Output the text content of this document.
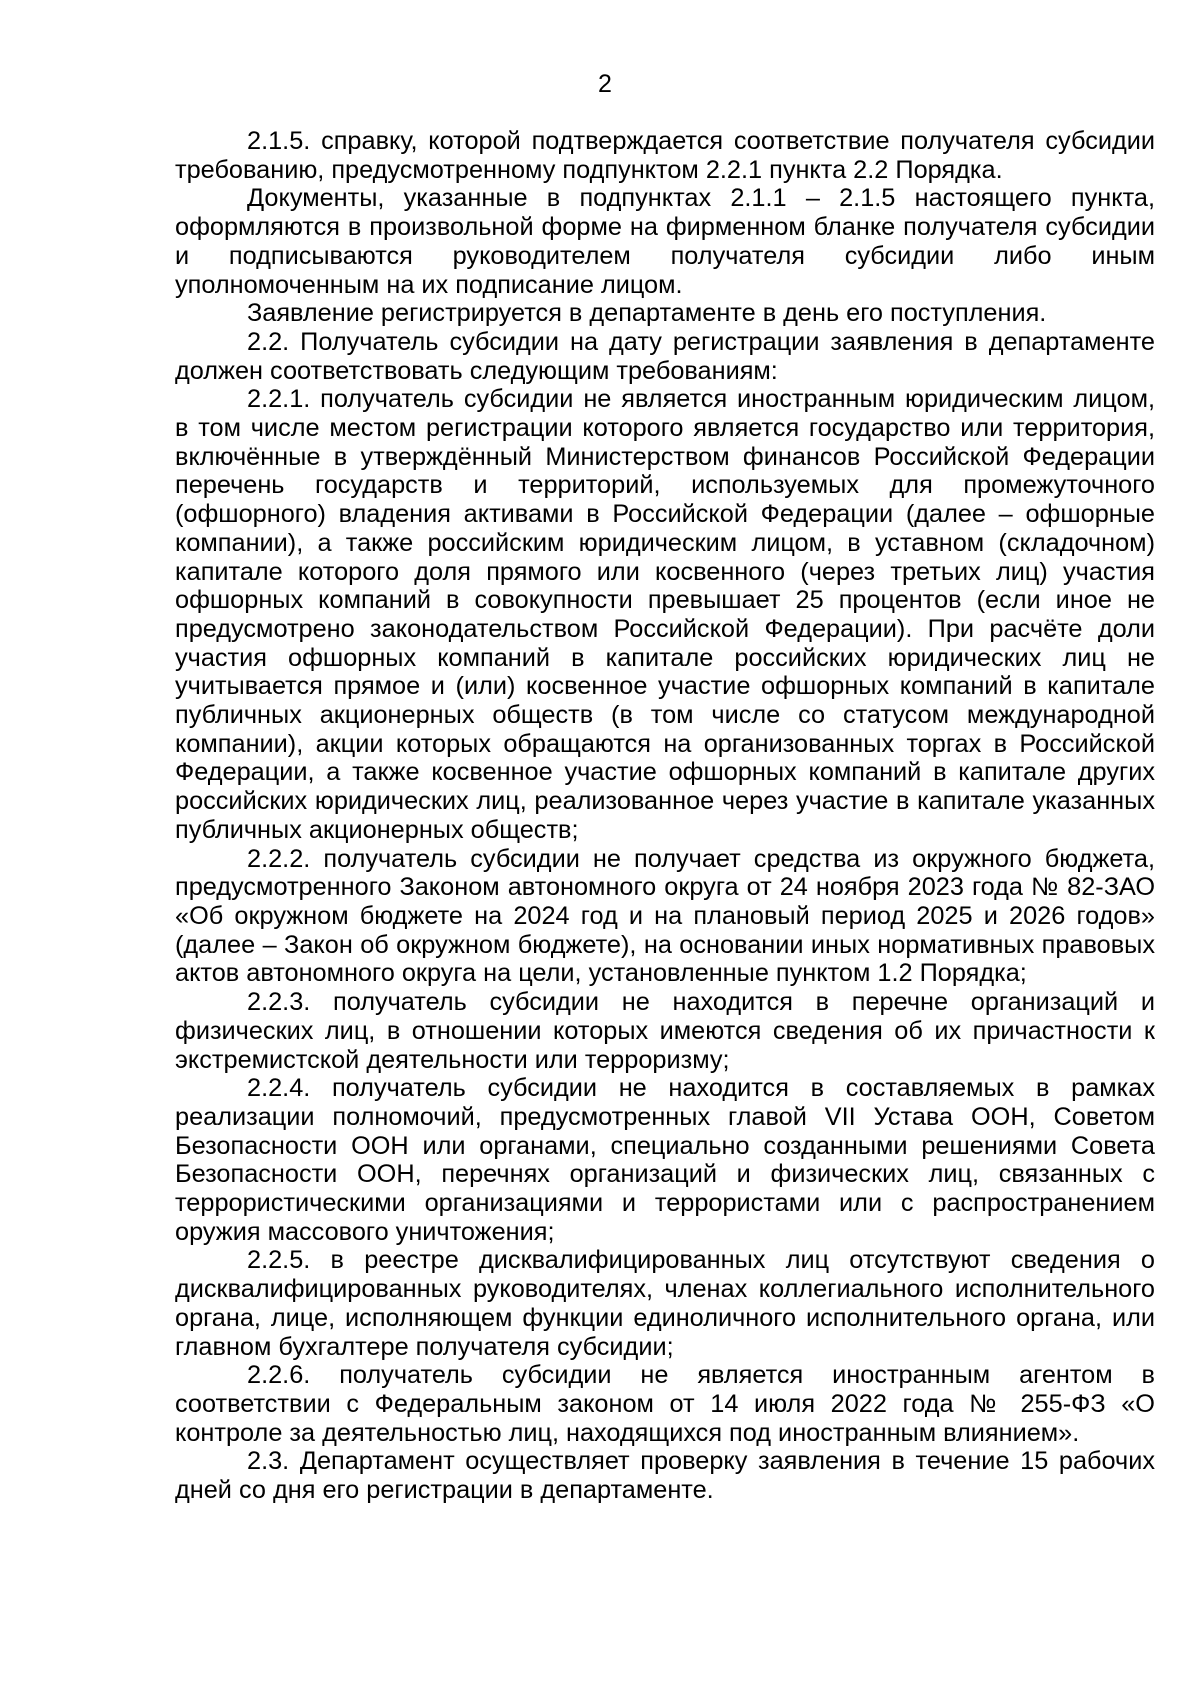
2

2.1.5. справку, которой подтверждается соответствие получателя субсидии требованию, предусмотренному подпунктом 2.2.1 пункта 2.2 Порядка.

Документы, указанные в подпунктах 2.1.1 – 2.1.5 настоящего пункта, оформляются в произвольной форме на фирменном бланке получателя субсидии и подписываются руководителем получателя субсидии либо иным уполномоченным на их подписание лицом.

Заявление регистрируется в департаменте в день его поступления.

2.2. Получатель субсидии на дату регистрации заявления в департаменте должен соответствовать следующим требованиям:

2.2.1. получатель субсидии не является иностранным юридическим лицом, в том числе местом регистрации которого является государство или территория, включённые в утверждённый Министерством финансов Российской Федерации перечень государств и территорий, используемых для промежуточного (офшорного) владения активами в Российской Федерации (далее – офшорные компании), а также российским юридическим лицом, в уставном (складочном) капитале которого доля прямого или косвенного (через третьих лиц) участия офшорных компаний в совокупности превышает 25 процентов (если иное не предусмотрено законодательством Российской Федерации). При расчёте доли участия офшорных компаний в капитале российских юридических лиц не учитывается прямое и (или) косвенное участие офшорных компаний в капитале публичных акционерных обществ (в том числе со статусом международной компании), акции которых обращаются на организованных торгах в Российской Федерации, а также косвенное участие офшорных компаний в капитале других российских юридических лиц, реализованное через участие в капитале указанных публичных акционерных обществ;

2.2.2. получатель субсидии не получает средства из окружного бюджета, предусмотренного Законом автономного округа от 24 ноября 2023 года № 82-ЗАО «Об окружном бюджете на 2024 год и на плановый период 2025 и 2026 годов» (далее – Закон об окружном бюджете), на основании иных нормативных правовых актов автономного округа на цели, установленные пунктом 1.2 Порядка;

2.2.3. получатель субсидии не находится в перечне организаций и физических лиц, в отношении которых имеются сведения об их причастности к экстремистской деятельности или терроризму;

2.2.4. получатель субсидии не находится в составляемых в рамках реализации полномочий, предусмотренных главой VII Устава ООН, Советом Безопасности ООН или органами, специально созданными решениями Совета Безопасности ООН, перечнях организаций и физических лиц, связанных с террористическими организациями и террористами или с распространением оружия массового уничтожения;

2.2.5. в реестре дисквалифицированных лиц отсутствуют сведения о дисквалифицированных руководителях, членах коллегиального исполнительного органа, лице, исполняющем функции единоличного исполнительного органа, или главном бухгалтере получателя субсидии;

2.2.6. получатель субсидии не является иностранным агентом в соответствии с Федеральным законом от 14 июля 2022 года № 255-ФЗ «О контроле за деятельностью лиц, находящихся под иностранным влиянием».

2.3. Департамент осуществляет проверку заявления в течение 15 рабочих дней со дня его регистрации в департаменте.
